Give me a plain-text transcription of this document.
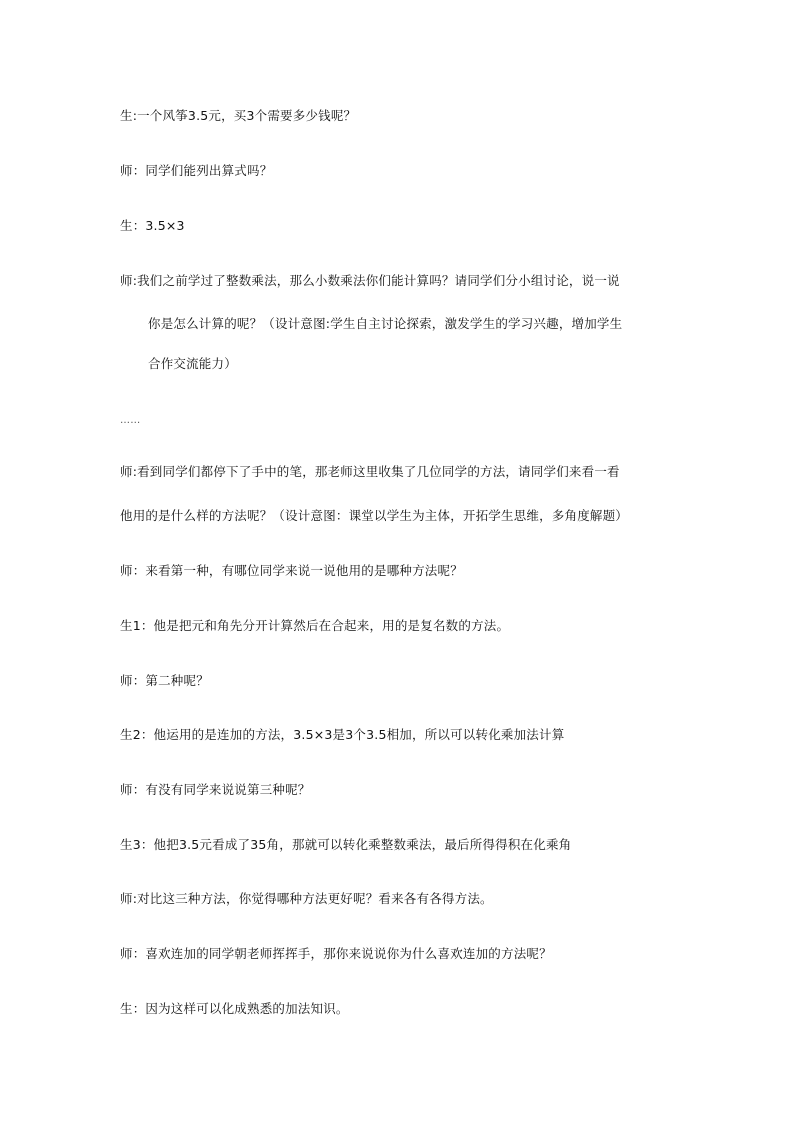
生:一个风筝3.5元，买3个需要多少钱呢？
师：同学们能列出算式吗？
生：3.5×3
师:我们之前学过了整数乘法，那么小数乘法你们能计算吗？请同学们分小组讨论，说一说
你是怎么计算的呢？（设计意图:学生自主讨论探索，激发学生的学习兴趣，增加学生
合作交流能力）
……
师:看到同学们都停下了手中的笔，那老师这里收集了几位同学的方法，请同学们来看一看
他用的是什么样的方法呢？（设计意图：课堂以学生为主体，开拓学生思维，多角度解题）
师：来看第一种，有哪位同学来说一说他用的是哪种方法呢？
生1：他是把元和角先分开计算然后在合起来，用的是复名数的方法。
师：第二种呢？
生2：他运用的是连加的方法，3.5×3是3个3.5相加，所以可以转化乘加法计算
师：有没有同学来说说第三种呢？
生3：他把3.5元看成了35角，那就可以转化乘整数乘法，最后所得得积在化乘角
师:对比这三种方法，你觉得哪种方法更好呢？看来各有各得方法。
师：喜欢连加的同学朝老师挥挥手，那你来说说你为什么喜欢连加的方法呢？
生：因为这样可以化成熟悉的加法知识。
